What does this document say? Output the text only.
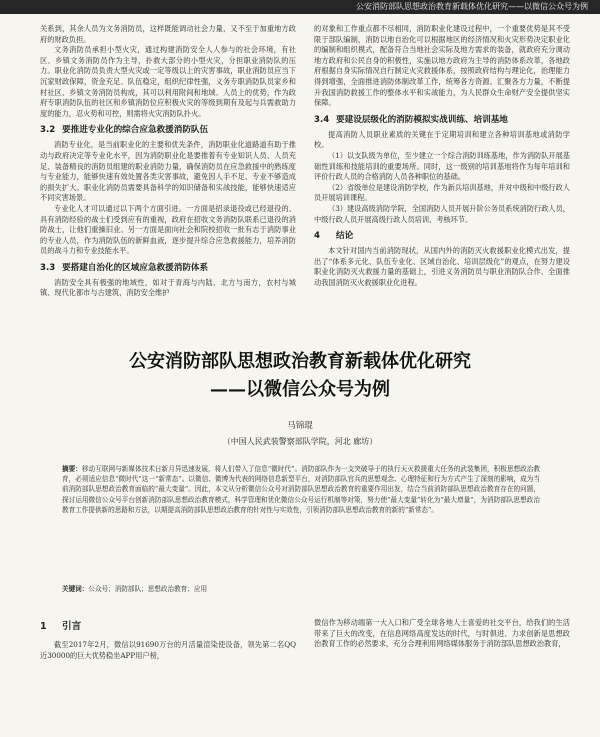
公安消防部队思想政治教育新载体优化研究——以微信公众号为例

关系到，其余人员为文务消防员，这样既能调动社会力量，又不至于加重地方政府的财政负担。

文务消防员承担小型火灾，通过构建消防安全人人参与的社会环境，有社区、乡镇文务消防员作为主导，扑救大部分的小型火灾，分担职业消防队的压力。职业化消防员负责大型火灾或一定等级以上的灾害事故，职业消防员应当下沉家财政保障，资金充足、队伍稳定，组织纪律性强，义务专职消防队员家乡和村社区、乡镇文务消防员构成，其可以利用附间和地域、人员上的优势，作为政府专职消防队伍的社区和乡镇消防位应积极火灾的等级到期有及起与兵需救助力度的能力，忍火势和可控，则需将火灾消防队扑火。

3.2 要推进专业化的综合应急救援消防队伍

消防专业化，是当前职业化的主要和优先条件，消防职业化道路道有助于推动与政府决定等专业化水平，因为消防职业化是要推着有专业知识人员、人员充足、装备精良的消防员组建的职业消防力量，确保消防员在应急救援中的熟练度与专业能力，能够快速有效处置各类灾害事故，避免因人手不足、专业不够造成的损失扩大。职业化消防员需要具备科学的知识储备和实战技能，能够快速适应不同灾害场景。

专业化人才可以通过以下两个方面引进。一方面是招录退役或已经退役的、具有消防经验的战士们受到应有的重视，政府在招收文务消防队联系已退役的消防战士，让他们重操旧业。另一方面是面向社会和院校招收一批有志于消防事业的专业人员，作为消防队伍的新鲜血液，逐步提升综合应急救援能力，培养消防员的战斗力和专业技能水平。

3.3 要搭建自治化的区域应急救援消防体系

消防安全具有极强的地域性，如对于青海与内陆、北方与南方，农村与城镇、现代化都市与古建筑，消防安全维护

的对象和工作重点都不尽相同，消防职业化建设过程中，一个重要优势是其不受限于部队编制，消防以地自治化可以根据地区的经济情况和火灾形势决定职业化的编制和组织模式，配备符合当地社会实际及地方需求的装备，就政府充分调动地方政府和公民自身的积极性，实施以地方政府为主导的消防体系改革，各地政府根据自身实际情况自行制定火灾救援体系，按照政府结构与理论化，治理能力得到增强，全面推进消防体制改革工作，统筹各方资源、汇聚各方力量，不断提升我国消防救援工作的整体水平和实战能力，为人民群众生命财产安全提供坚实保障。

3.4 要建设层级化的消防模拟实战训练、培训基地

提高消防人员职业素质的关键在于定期培训和建立各种培训基地或消防学校。

（1）以支队级为单位，至少建立一个综合消防训练基地，作为消防队开展基础性训练和技能培训的重要场所。同时，这一级别的培训基地将作为每年培训和评价行政人员的合格消防人员各种职位的基础。

（2）省级单位是建设消防学校，作为新兵培训基地，并对中级和中级行政人员开展培训课程。

（3）建设高级消防学院，全国消防人员开展升阶公务员系统消防行政人员，中级行政人员开展高级行政人员培训、考核环节。

4 结论

本文针对国内当前消防现状，从国内外的消防灭火救援职业化模式出发，提出了“体系多元化、队伍专业化、区域自治化、培训层级化”的观点，在努力建设职业化消防灭火救援力量的基础上，引进义务消防员与职业消防队合作、全面推动我国消防灭火救援职业化进程。

公安消防部队思想政治教育新载体优化研究
——以微信公众号为例
马锦琨
（中国人民武装警察部队学院，河北 廊坊）
摘要：移动互联网与新媒体技术日新月异迅速发展，将人们带入了信息“微时代”。消防部队作为一支突破导于的执行天灭救援重大任务的武装集团，积极思想政治教育，必须适应信息“微时代”这一“新常态”。以微信、微博为代表的网络信息新型平台，对消防部队官兵的思想观念、心理特征和行为方式产生了深刻的影响，成为当前消防部队思想政治教育面临的“最大变量”。因此，本文从分析微信公众号对消防部队思想政治教育的重要作用出发，结合当前消防部队思想政治教育存在的问题，探讨运用微信公众号平台创新消防部队思想政治教育模式，科学管理和优化微信公众号运行机制等对策，努力使“最大变量”转化为“最大增量”，为消防部队思想政治教育工作提供新的思路和方法，以期提高消防部队思想政治教育的针对性与实效性，引领消防部队思想政治教育的新的“新常态”。
关键词：公众号；消防部队；思想政治教育；应用
1 引言

截至2017年2月，微信以91690万台的月活量渲染使设备，领先第二名QQ近30000的巨大优势稳坐APP用户榜，

微信作为移动端第一大入口和广受全球各地人士喜爱的社交平台，给我们的生活带来了巨大的改变，在信息网络高度发达的时代，与时俱进、力求创新是思想政治教育工作的必然要求，充分合理利用网络媒体服务于消防部队思想政治教育，
